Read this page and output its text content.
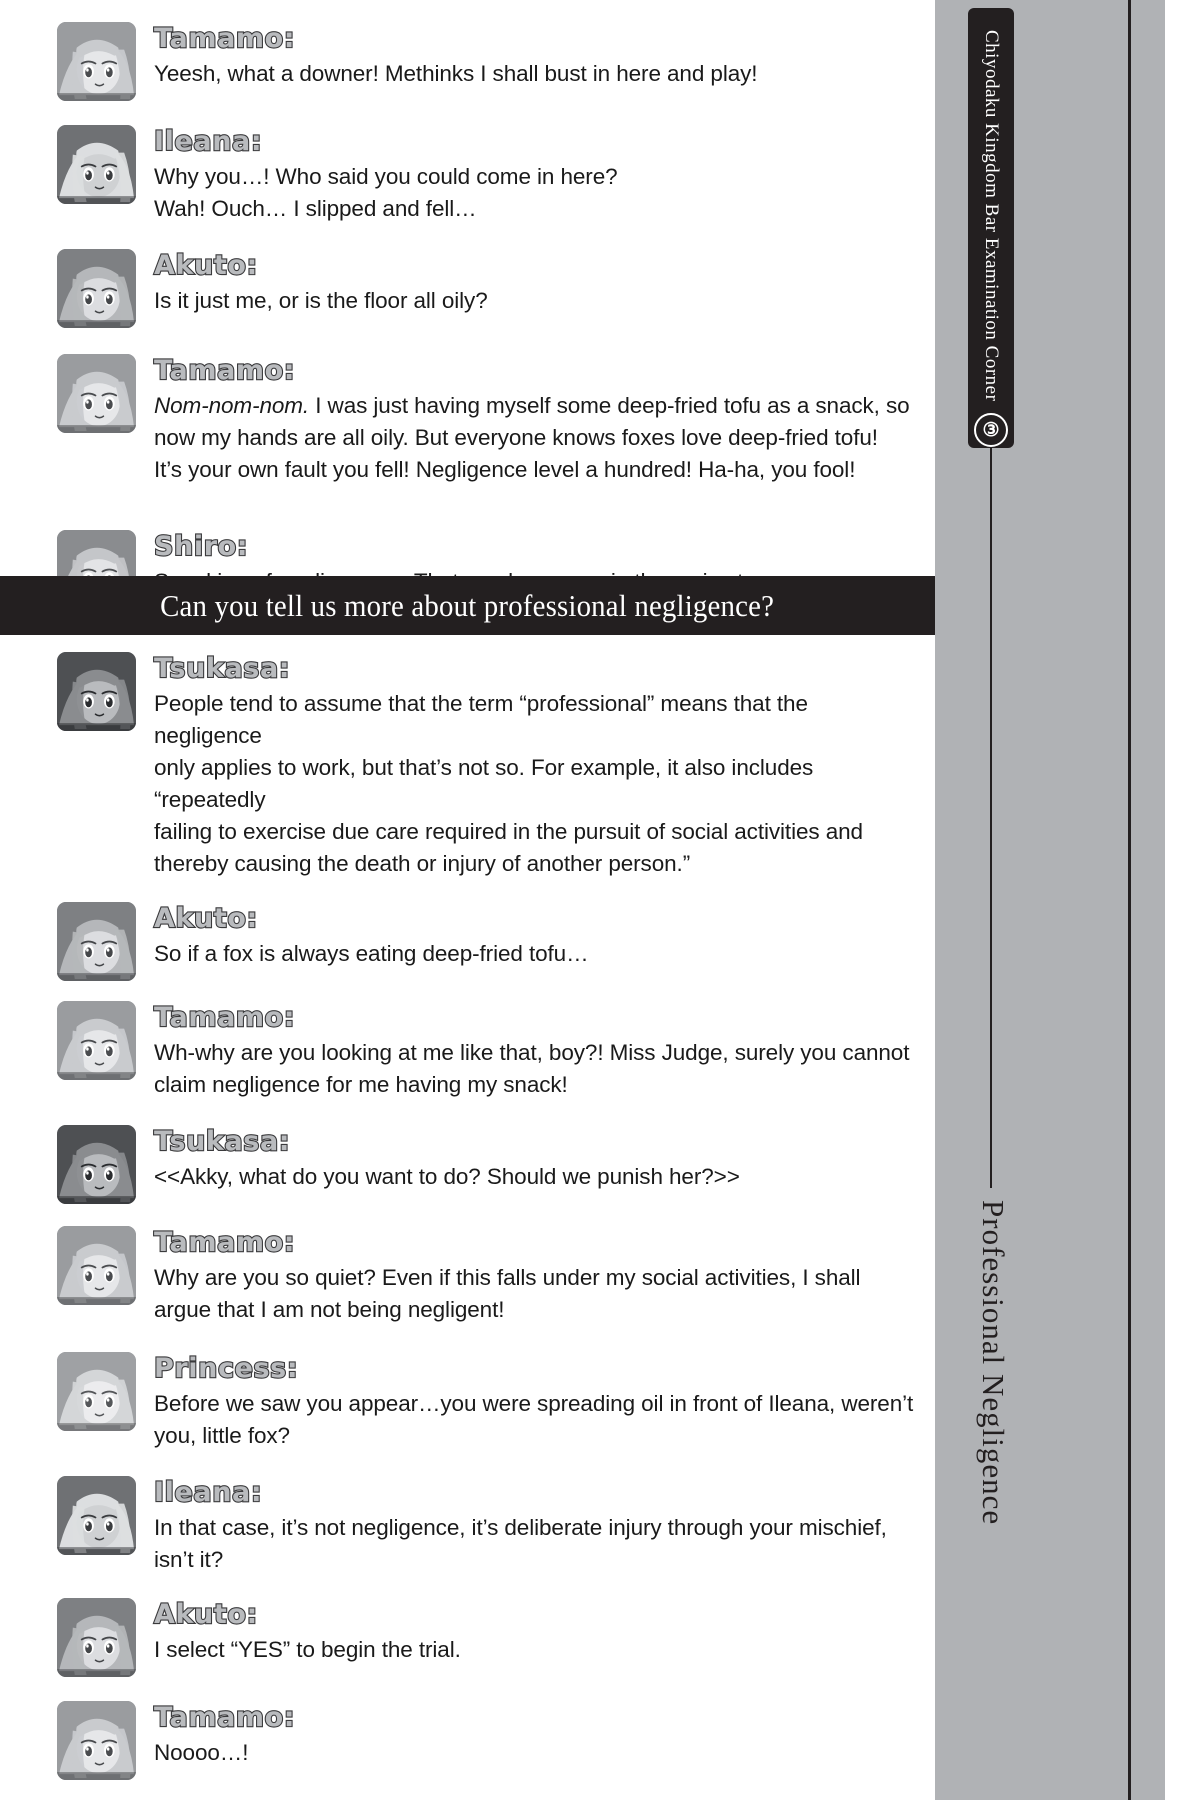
Tamamo:
Yeesh, what a downer! Methinks I shall bust in here and play!
Ileana:
Why you…! Who said you could come in here?
Wah! Ouch… I slipped and fell…
Akuto:
Is it just me, or is the floor all oily?
Tamamo:
Nom-nom-nom. I was just having myself some deep-fried tofu as a snack, so
now my hands are all oily. But everyone knows foxes love deep-fried tofu!
It’s your own fault you fell! Negligence level a hundred! Ha-ha, you fool!
Shiro:
Can you tell us more about professional negligence?
Tsukasa:
People tend to assume that the term “professional” means that the negligence
only applies to work, but that’s not so. For example, it also includes “repeatedly
failing to exercise due care required in the pursuit of social activities and
thereby causing the death or injury of another person.”
Akuto:
So if a fox is always eating deep-fried tofu…
Tamamo:
Wh-why are you looking at me like that, boy?! Miss Judge, surely you cannot
claim negligence for me having my snack!
Tsukasa:
<<Akky, what do you want to do? Should we punish her?>>
Tamamo:
Why are you so quiet? Even if this falls under my social activities, I shall
argue that I am not being negligent!
Princess:
Before we saw you appear…you were spreading oil in front of Ileana, weren’t
you, little fox?
Ileana:
In that case, it’s not negligence, it’s deliberate injury through your mischief,
isn’t it?
Akuto:
I select “YES” to begin the trial.
Tamamo:
Noooo…!
Chiyodaku Kingdom Bar Examination Corner
③
Professional Negligence
